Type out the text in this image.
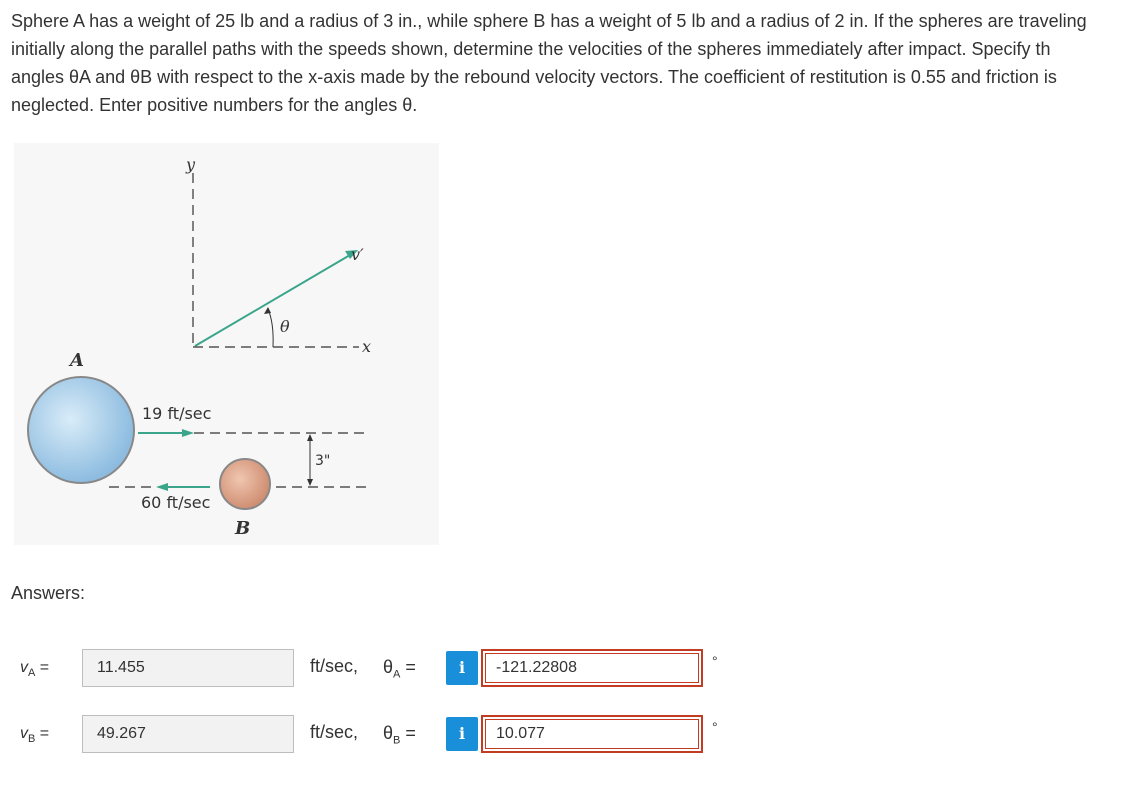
Sphere A has a weight of 25 lb and a radius of 3 in., while sphere B has a weight of 5 lb and a radius of 2 in. If the spheres are traveling
initially along the parallel paths with the speeds shown, determine the velocities of the spheres immediately after impact. Specify th
angles θA and θB with respect to the x-axis made by the rebound velocity vectors. The coefficient of restitution is 0.55 and friction is
neglected. Enter positive numbers for the angles θ.
y
x
v′
θ
A
19 ft/sec
60 ft/sec
B
3"
Answers:
$v_A$ =	11.455	ft/sec, $\theta_A$ =	i	-121.22808	°
$v_B$ =	49.267	ft/sec, $\theta_B$ =	i	10.077	°
